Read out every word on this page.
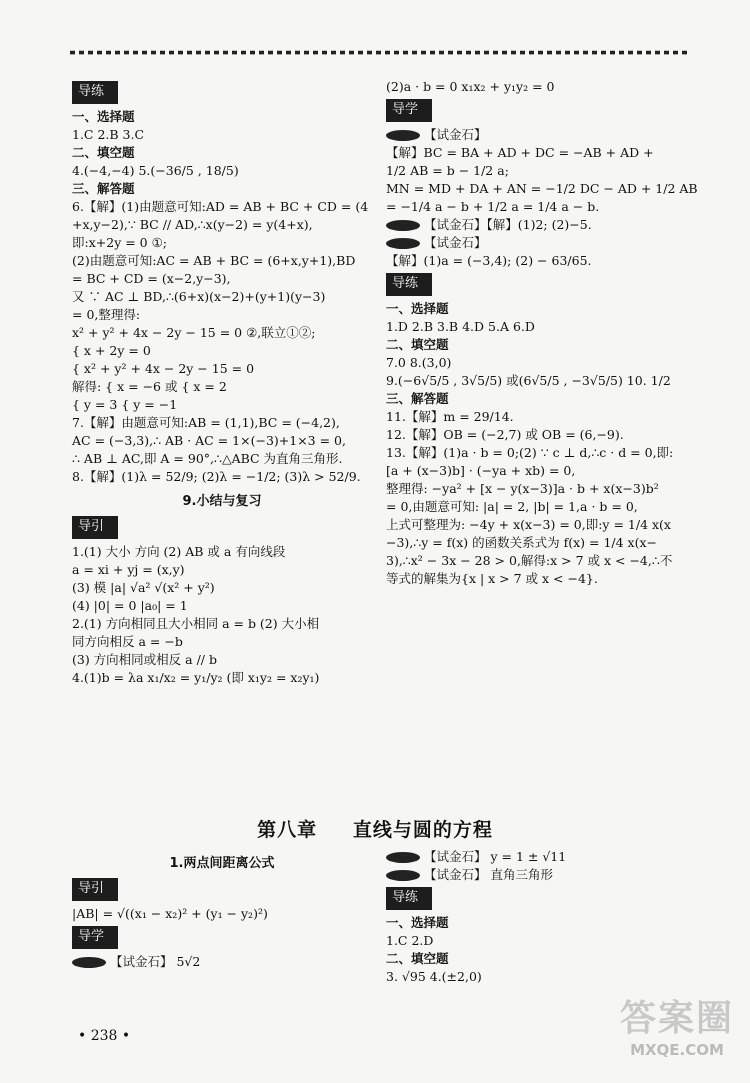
导练
一、选择题
1.C 2.B 3.C
二、填空题
4.(−4,−4) 5.(−36/5 , 18/5)
三、解答题
6.【解】(1)由题意可知:AD = AB + BC + CD = (4
+x,y−2),∵ BC // AD,∴x(y−2) = y(4+x),
即:x+2y = 0 ①;
(2)由题意可知:AC = AB + BC = (6+x,y+1),BD
= BC + CD = (x−2,y−3),
又 ∵ AC ⊥ BD,∴(6+x)(x−2)+(y+1)(y−3)
= 0,整理得:
x² + y² + 4x − 2y − 15 = 0 ②,联立①②;
{ x + 2y = 0
{ x² + y² + 4x − 2y − 15 = 0
解得: { x = −6 或 { x = 2
{ y = 3 { y = −1
7.【解】由题意可知:AB = (1,1),BC = (−4,2),
AC = (−3,3),∴ AB · AC = 1×(−3)+1×3 = 0,
∴ AB ⊥ AC,即 A = 90°,∴△ABC 为直角三角形.
8.【解】(1)λ = 52/9; (2)λ = −1/2; (3)λ > 52/9.
9.小结与复习
导引
1.(1) 大小 方向 (2) AB 或 a 有向线段
a = xi + yj = (x,y)
(3) 模 |a| √a² √(x² + y²)
(4) |0| = 0 |a₀| = 1
2.(1) 方向相同且大小相同 a = b (2) 大小相
同方向相反 a = −b
(3) 方向相同或相反 a // b
4.(1)b = λa x₁/x₂ = y₁/y₂ (即 x₁y₂ = x₂y₁)
(2)a · b = 0 x₁x₂ + y₁y₂ = 0
导学
【试金石】
【解】BC = BA + AD + DC = −AB + AD +
1/2 AB = b − 1/2 a;
MN = MD + DA + AN = −1/2 DC − AD + 1/2 AB
= −1/4 a − b + 1/2 a = 1/4 a − b.
【试金石】【解】(1)2; (2)−5.
【试金石】
【解】(1)a = (−3,4); (2) − 63/65.
导练
一、选择题
1.D 2.B 3.B 4.D 5.A 6.D
二、填空题
7.0 8.(3,0)
9.(−6√5/5 , 3√5/5) 或(6√5/5 , −3√5/5) 10. 1/2
三、解答题
11.【解】m = 29/14.
12.【解】OB = (−2,7) 或 OB = (6,−9).
13.【解】(1)a · b = 0;(2) ∵ c ⊥ d,∴c · d = 0,即:
[a + (x−3)b] · (−ya + xb) = 0,
整理得: −ya² + [x − y(x−3)]a · b + x(x−3)b²
= 0,由题意可知: |a| = 2, |b| = 1,a · b = 0,
上式可整理为: −4y + x(x−3) = 0,即:y = 1/4 x(x
−3),∴y = f(x) 的函数关系式为 f(x) = 1/4 x(x−
3),∴x² − 3x − 28 > 0,解得:x > 7 或 x < −4,∴不
等式的解集为{x | x > 7 或 x < −4}.
第八章 直线与圆的方程
1.两点间距离公式
导引
|AB| = √((x₁ − x₂)² + (y₁ − y₂)²)
导学
【试金石】 5√2
【试金石】 y = 1 ± √11
【试金石】 直角三角形
导练
一、选择题
1.C 2.D
二、填空题
3. √95 4.(±2,0)
• 238 •	答案圈
MXQE.COM
